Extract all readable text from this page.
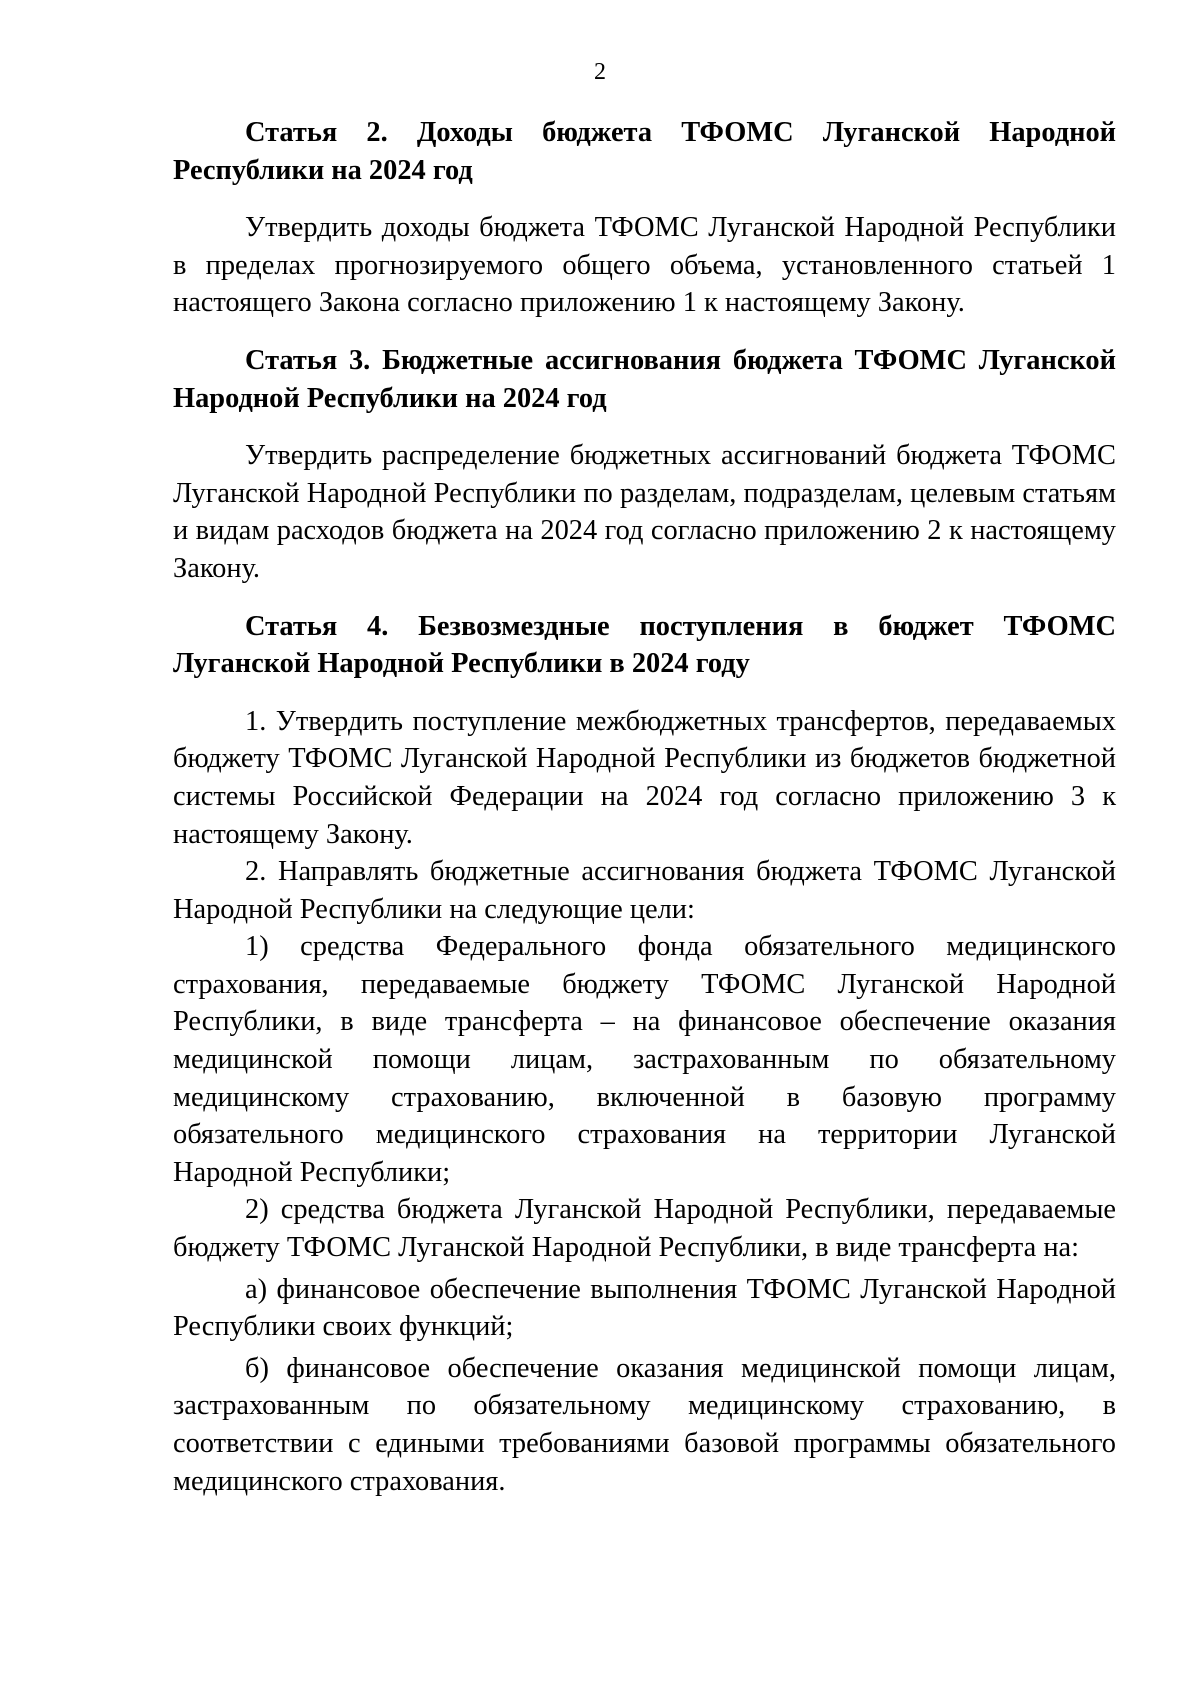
2

Статья 2. Доходы бюджета ТФОМС Луганской Народной Республики на 2024 год

Утвердить доходы бюджета ТФОМС Луганской Народной Республики в пределах прогнозируемого общего объема, установленного статьей 1 настоящего Закона согласно приложению 1 к настоящему Закону.

Статья 3. Бюджетные ассигнования бюджета ТФОМС Луганской Народной Республики на 2024 год

Утвердить распределение бюджетных ассигнований бюджета ТФОМС Луганской Народной Республики по разделам, подразделам, целевым статьям и видам расходов бюджета на 2024 год согласно приложению 2 к настоящему Закону.

Статья 4. Безвозмездные поступления в бюджет ТФОМС Луганской Народной Республики в 2024 году

1. Утвердить поступление межбюджетных трансфертов, передаваемых бюджету ТФОМС Луганской Народной Республики из бюджетов бюджетной системы Российской Федерации на 2024 год согласно приложению 3 к настоящему Закону.

2. Направлять бюджетные ассигнования бюджета ТФОМС Луганской Народной Республики на следующие цели:

1) средства Федерального фонда обязательного медицинского страхования, передаваемые бюджету ТФОМС Луганской Народной Республики, в виде трансферта – на финансовое обеспечение оказания медицинской помощи лицам, застрахованным по обязательному медицинскому страхованию, включенной в базовую программу обязательного медицинского страхования на территории Луганской Народной Республики;

2) средства бюджета Луганской Народной Республики, передаваемые бюджету ТФОМС Луганской Народной Республики, в виде трансферта на:

а) финансовое обеспечение выполнения ТФОМС Луганской Народной Республики своих функций;

б) финансовое обеспечение оказания медицинской помощи лицам, застрахованным по обязательному медицинскому страхованию, в соответствии с едиными требованиями базовой программы обязательного медицинского страхования.
